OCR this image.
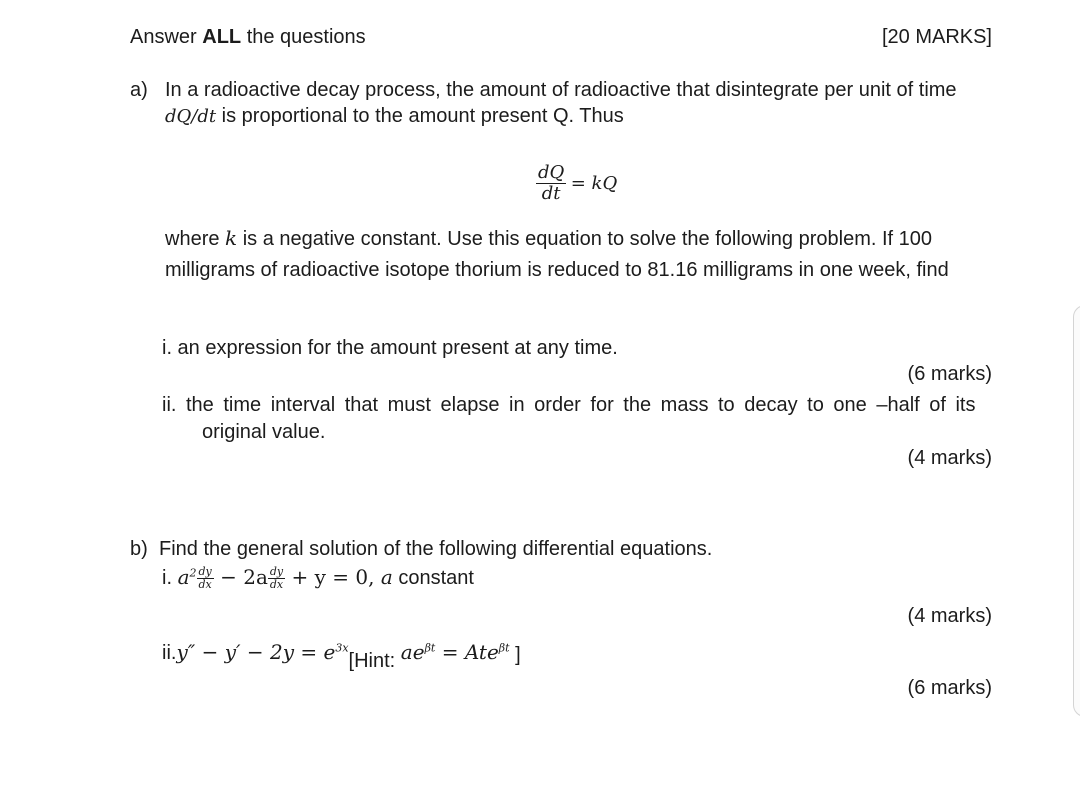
Answer ALL the questions	[20 MARKS]
a) In a radioactive decay process, the amount of radioactive that disintegrate per unit of time
dQ/dt is proportional to the amount present Q. Thus
$\frac{dQ}{dt}$ = kQ
where k is a negative constant. Use this equation to solve the following problem. If 100
milligrams of radioactive isotope thorium is reduced to 81.16 milligrams in one week, find
i. an expression for the amount present at any time.
(6 marks)
ii. the time interval that must elapse in order for the mass to decay to one –half of its
original value.
(4 marks)
b) Find the general solution of the following differential equations.
i. $a^2 \frac{dy}{dx} - 2a \frac{dy}{dx} + y = 0$, a constant
(4 marks)
$ii.y'' - y' - 2y = e^{3x}[Hint$: $ae^{\beta t} = Ate^{\beta t}$ ]
(6 marks)
